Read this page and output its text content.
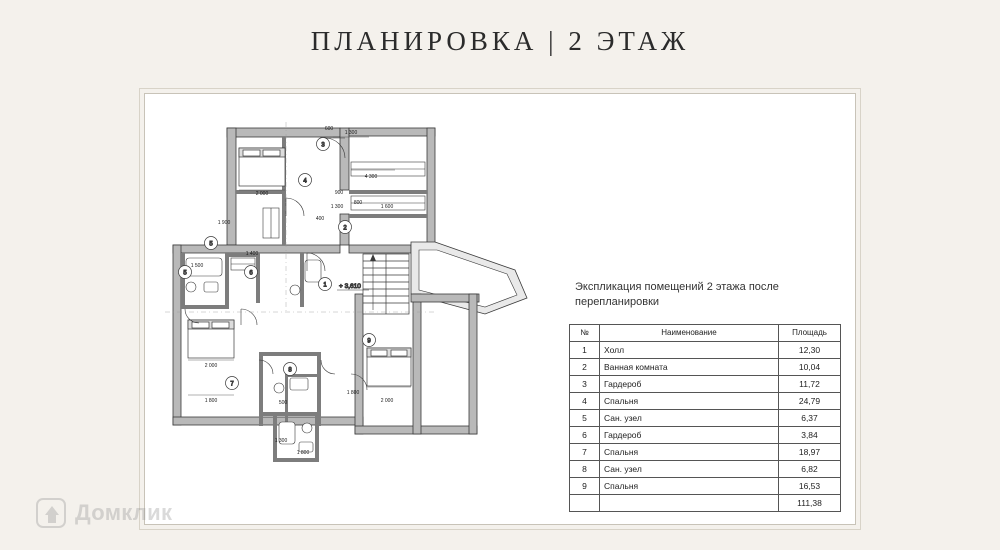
ПЛАНИРОВКА | 2 ЭТАЖ
3
4
2
5
5	6
7
8
9
1 + 3,610
1 300
4 300
1 300	1 600
2 000
1 900
1 500
1 400
2 000
1 800
1 800
2 000
500
1 300
1 800
900
800
600
400
Экспликация помещений 2 этажа после перепланировки
№	Наименование	Площадь
1	Холл	12,30
2	Ванная комната	10,04
3	Гардероб	11,72
4	Спальня	24,79
5	Сан. узел	6,37
6	Гардероб	3,84
7	Спальня	18,97
8	Сан. узел	6,82
9	Спальня	16,53
		111,38
Домклик
